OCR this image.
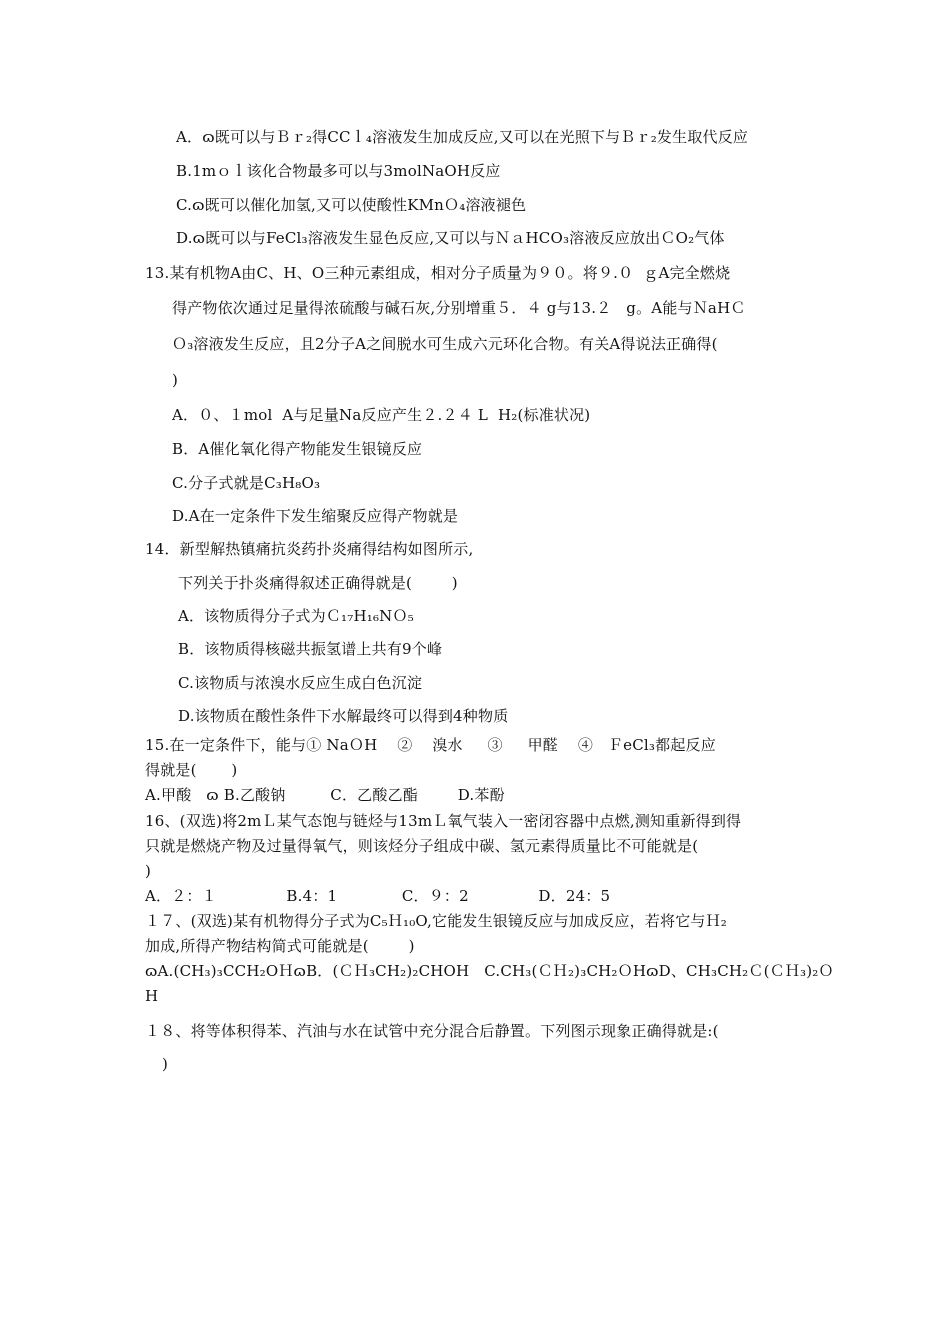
A．ɷ既可以与Ｂｒ₂得CCｌ₄溶液发生加成反应,又可以在光照下与Ｂｒ₂发生取代反应
B.1mｏｌ该化合物最多可以与3molNaOH反应
C.ɷ既可以催化加氢,又可以使酸性KMnＯ₄溶液褪色
D.ɷ既可以与FeCl₃溶液发生显色反应,又可以与ＮａHCO₃溶液反应放出ＣO₂气体
13.某有机物A由C、H、O三种元素组成，相对分子质量为９０。将９.０  ｇA完全燃烧
得产物依次通过足量得浓硫酸与碱石灰,分别增重５．４ g与13.２   g。A能与ＮaHＣ
Ｏ₃溶液发生反应，且2分子A之间脱水可生成六元环化合物。有关A得说法正确得(
)
A．０、１mol  A与足量Na反应产生２.２４ L  H₂(标准状况)
B．A催化氧化得产物能发生银镜反应
C.分子式就是C₃H₈O₃
D.A在一定条件下发生缩聚反应得产物就是
14．新型解热镇痛抗炎药扑炎痛得结构如图所示,
下列关于扑炎痛得叙述正确得就是(        )
A．该物质得分子式为Ｃ₁₇H₁₆NＯ₅
B．该物质得核磁共振氢谱上共有9个峰
C.该物质与浓溴水反应生成白色沉淀
D.该物质在酸性条件下水解最终可以得到4种物质
15.在一定条件下，能与① NaＯH    ②    溴水     ③     甲醛    ④   ＦeCl₃都起反应
得就是(       )
A.甲酸   ɷ B.乙酸钠         C．乙酸乙酯        D.苯酚
16、(双选)将2mＬ某气态饱与链烃与13mＬ氧气装入一密闭容器中点燃,测知重新得到得
只就是燃烧产物及过量得氧气，则该烃分子组成中碳、氢元素得质量比不可能就是(
)
A．２：１              B.4：1             C．９：2              D．24：5
１７、(双选)某有机物得分子式为C₅Ｈ₁₀O,它能发生银镜反应与加成反应，若将它与Ｈ₂
加成,所得产物结构简式可能就是(        )
ɷA.(CH₃)₃CCH₂OＨɷB．(ＣＨ₃CH₂)₂CHOH   C.CH₃(ＣＨ₂)₃CH₂ＯHɷD、CH₃CH₂Ｃ(ＣＨ₃)₂Ｏ
H
１８、将等体积得苯、汽油与水在试管中充分混合后静置。下列图示现象正确得就是:(
)
